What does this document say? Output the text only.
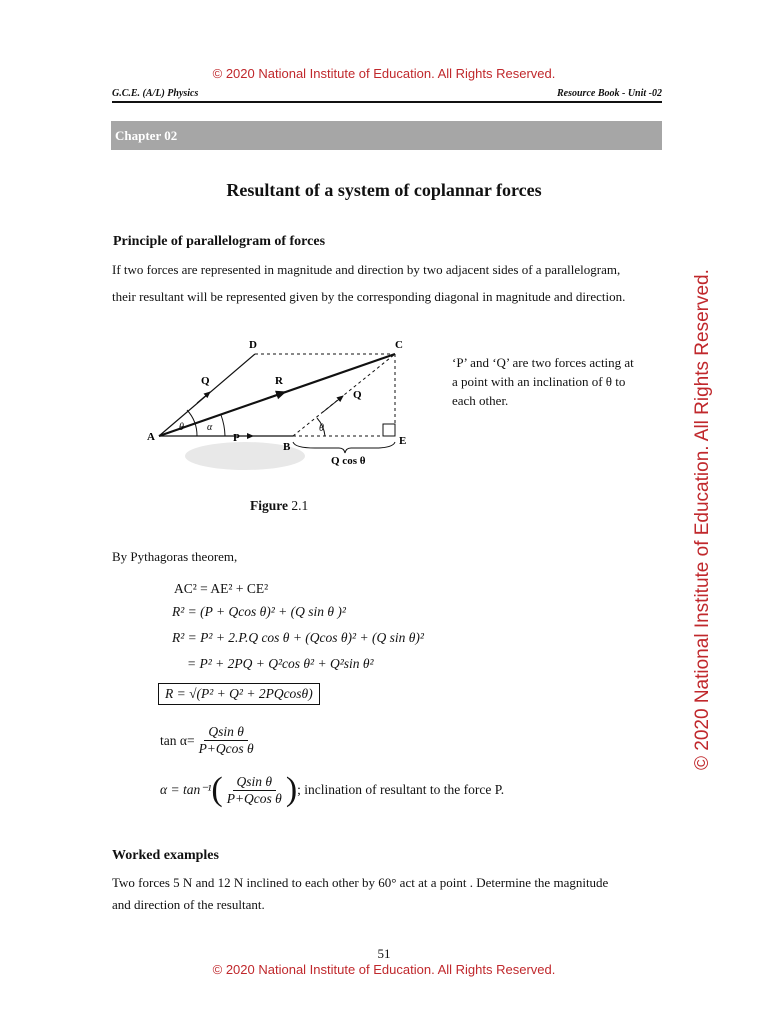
© 2020 National Institute of Education. All Rights Reserved.
G.C.E. (A/L) Physics	Resource Book - Unit -02
Chapter 02
© 2020 National Institute of Education. All Rights Reserved.
Resultant of a system of coplannar forces
Principle of parallelogram of forces
If two forces are represented in magnitude and direction by two adjacent sides of a parallelogram,
their resultant will be represented given by the corresponding diagonal in magnitude and direction.
A
B
C
D
E
P
Q	R
Q
θ α	θ
Q cos θ
‘P’ and ‘Q’ are two forces acting at
a point with an inclination of θ to
each other.
Figure 2.1
By Pythagoras theorem,
AC² = AE² + CE²
R² = (P + Qcos θ)² + (Q sin θ )²
R² = P² + 2.P.Q cos θ + (Qcos θ)² + (Q sin θ)²
= P² + 2PQ + Q²cos θ² + Q²sin θ²
R = √(P² + Q² + 2PQcosθ)
$\tan \alpha= \frac{\text{Qsin θ}}{\text{P+Qcos θ}}$
α = tan⁻¹ ( $\frac{\text{Qsin θ}}{\text{P+Qcos θ}}$ ) ; inclination of resultant to the force P.
Worked examples
Two forces 5 N and 12 N inclined to each other by 60° act at a point . Determine the magnitude
and direction of the resultant.
51
© 2020 National Institute of Education. All Rights Reserved.
